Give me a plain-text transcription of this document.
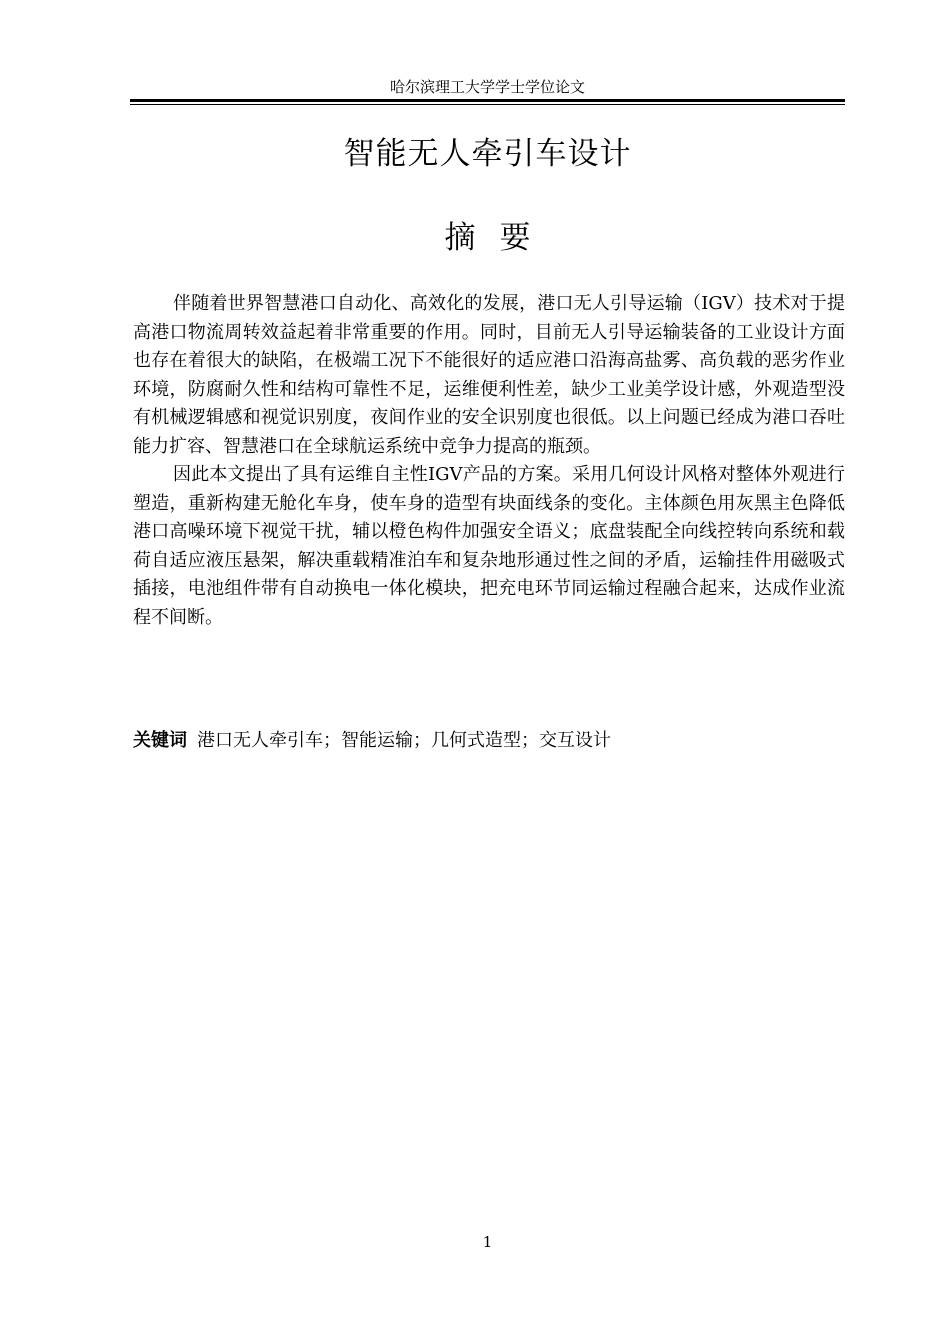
哈尔滨理工大学学士学位论文
智能无人牵引车设计
摘要

伴随着世界智慧港口自动化、高效化的发展，港口无人引导运输（IGV）技术对于提高港口物流周转效益起着非常重要的作用。同时，目前无人引导运输装备的工业设计方面也存在着很大的缺陷，在极端工况下不能很好的适应港口沿海高盐雾、高负载的恶劣作业环境，防腐耐久性和结构可靠性不足，运维便利性差，缺少工业美学设计感，外观造型没有机械逻辑感和视觉识别度，夜间作业的安全识别度也很低。以上问题已经成为港口吞吐能力扩容、智慧港口在全球航运系统中竞争力提高的瓶颈。

因此本文提出了具有运维自主性IGV产品的方案。采用几何设计风格对整体外观进行塑造，重新构建无舱化车身，使车身的造型有块面线条的变化。主体颜色用灰黑主色降低港口高噪环境下视觉干扰，辅以橙色构件加强安全语义；底盘装配全向线控转向系统和载荷自适应液压悬架，解决重载精准泊车和复杂地形通过性之间的矛盾，运输挂件用磁吸式插接，电池组件带有自动换电一体化模块，把充电环节同运输过程融合起来，达成作业流程不间断。

关键词 港口无人牵引车；智能运输；几何式造型；交互设计
1
